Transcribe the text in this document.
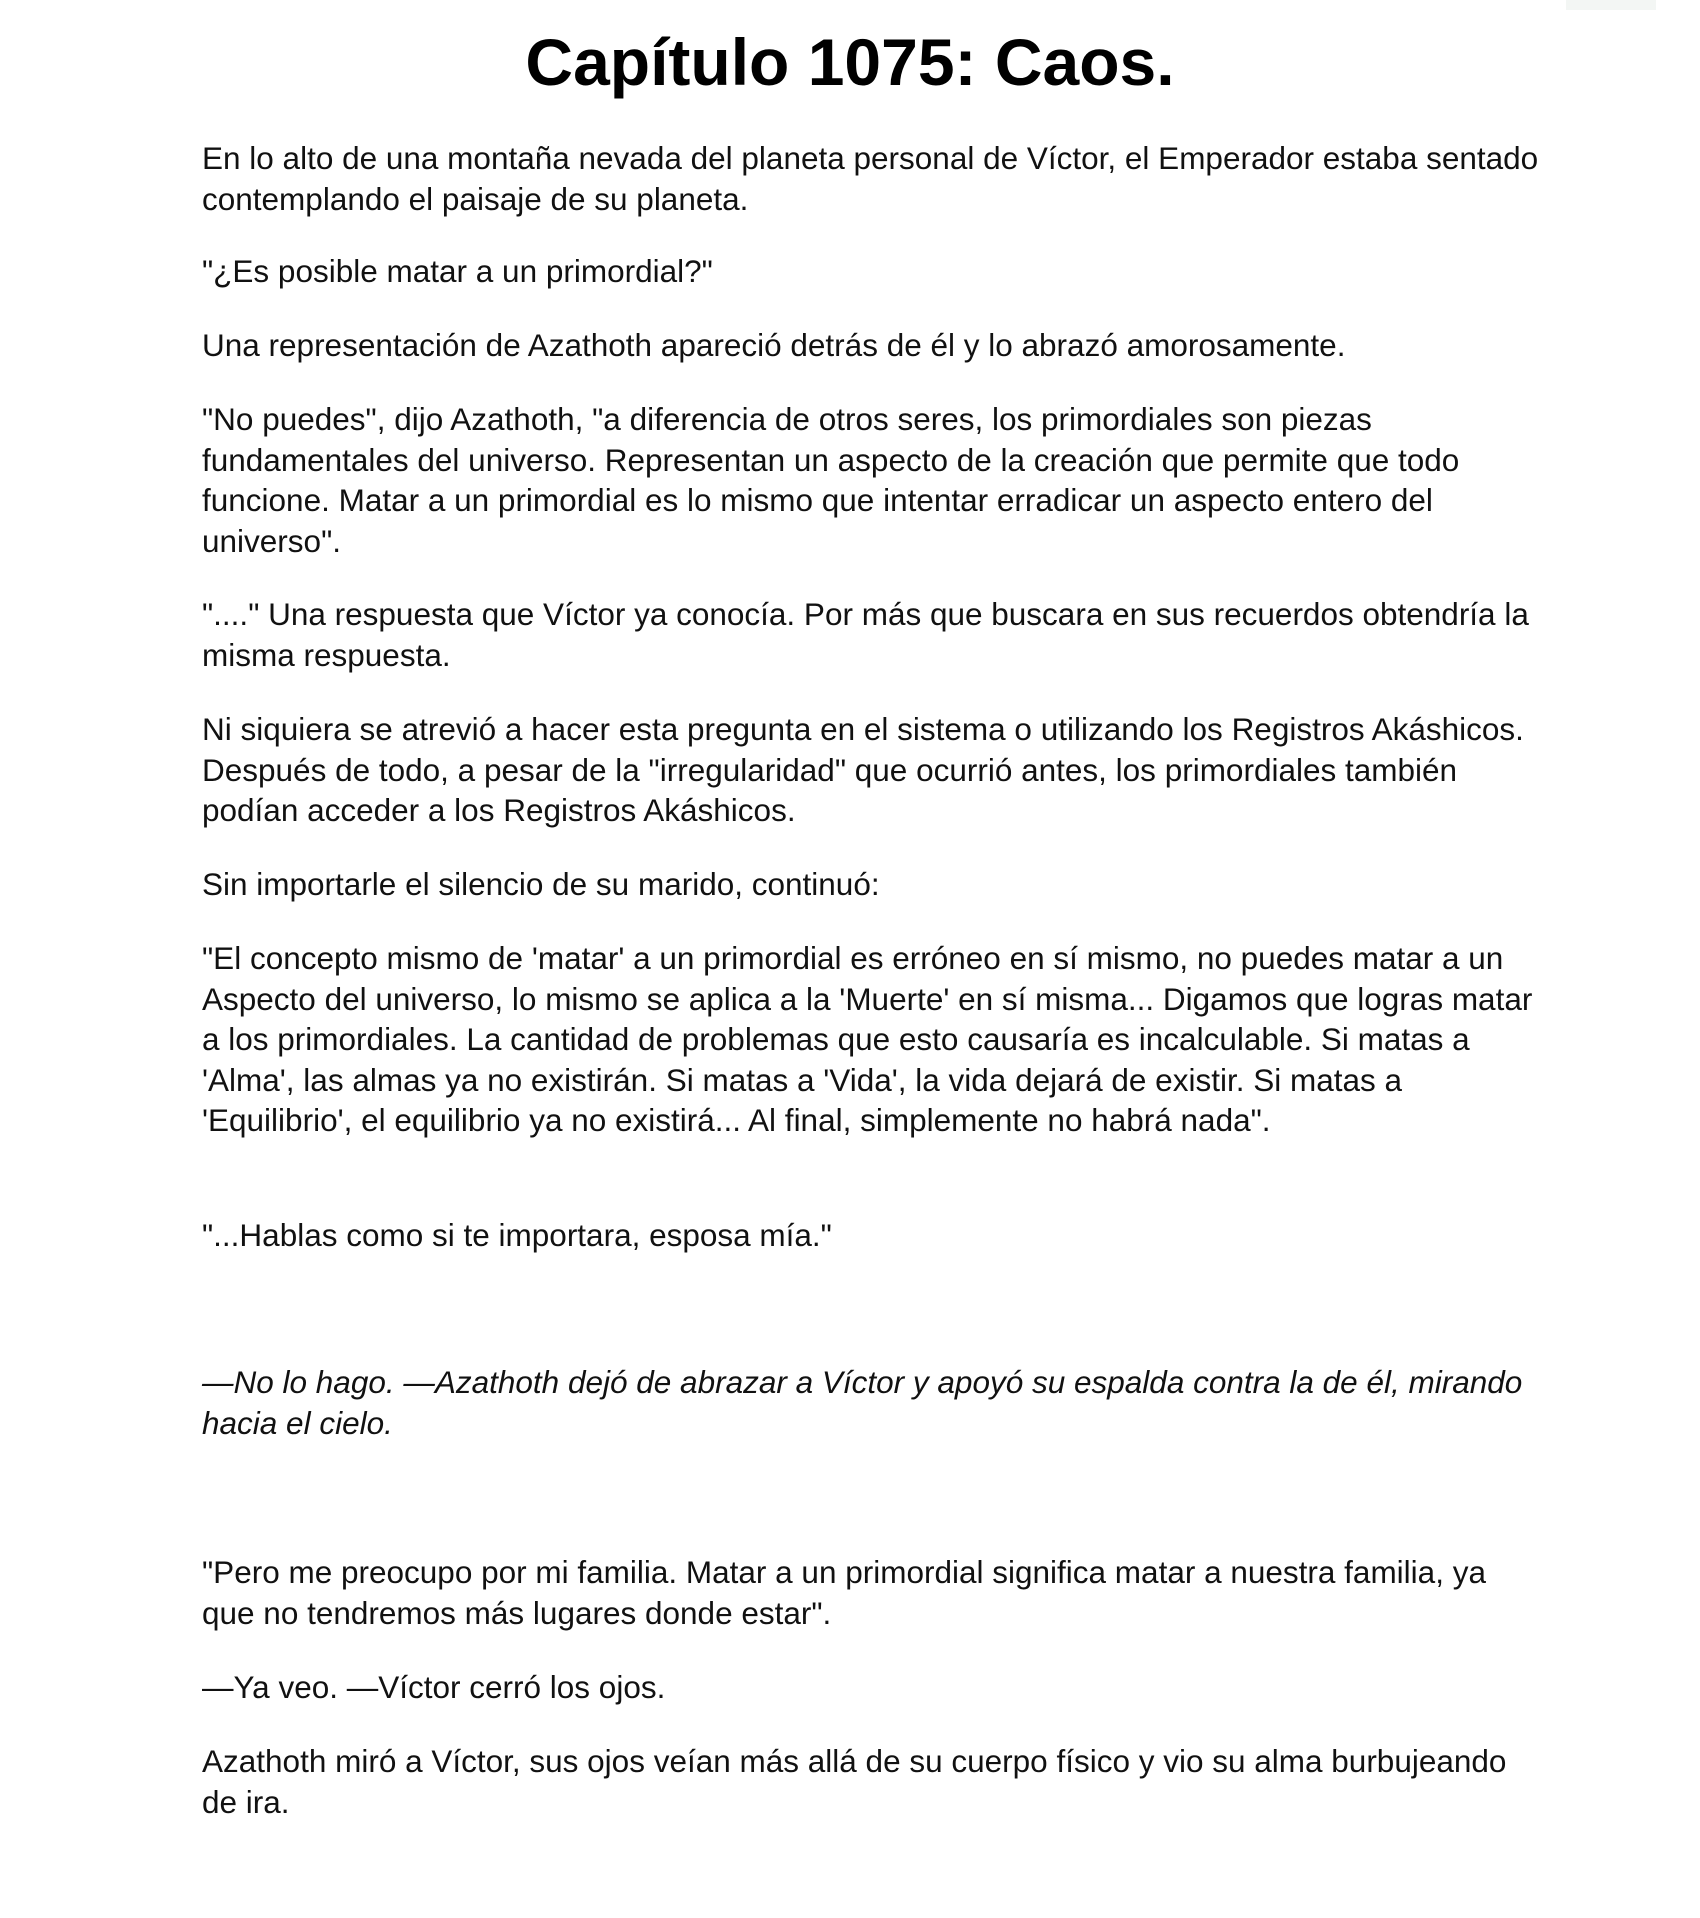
Capítulo 1075: Caos.

En lo alto de una montaña nevada del planeta personal de Víctor, el Emperador estaba sentado contemplando el paisaje de su planeta.

"¿Es posible matar a un primordial?"

Una representación de Azathoth apareció detrás de él y lo abrazó amorosamente.

"No puedes", dijo Azathoth, "a diferencia de otros seres, los primordiales son piezas fundamentales del universo. Representan un aspecto de la creación que permite que todo funcione. Matar a un primordial es lo mismo que intentar erradicar un aspecto entero del universo".

"...." Una respuesta que Víctor ya conocía. Por más que buscara en sus recuerdos obtendría la misma respuesta.

Ni siquiera se atrevió a hacer esta pregunta en el sistema o utilizando los Registros Akáshicos. Después de todo, a pesar de la "irregularidad" que ocurrió antes, los primordiales también podían acceder a los Registros Akáshicos.

Sin importarle el silencio de su marido, continuó:

"El concepto mismo de 'matar' a un primordial es erróneo en sí mismo, no puedes matar a un Aspecto del universo, lo mismo se aplica a la 'Muerte' en sí misma... Digamos que logras matar a los primordiales. La cantidad de problemas que esto causaría es incalculable. Si matas a 'Alma', las almas ya no existirán. Si matas a 'Vida', la vida dejará de existir. Si matas a 'Equilibrio', el equilibrio ya no existirá... Al final, simplemente no habrá nada".

"...Hablas como si te importara, esposa mía."

—No lo hago. —Azathoth dejó de abrazar a Víctor y apoyó su espalda contra la de él, mirando hacia el cielo.

"Pero me preocupo por mi familia. Matar a un primordial significa matar a nuestra familia, ya que no tendremos más lugares donde estar".

—Ya veo. —Víctor cerró los ojos.

Azathoth miró a Víctor, sus ojos veían más allá de su cuerpo físico y vio su alma burbujeando de ira.
